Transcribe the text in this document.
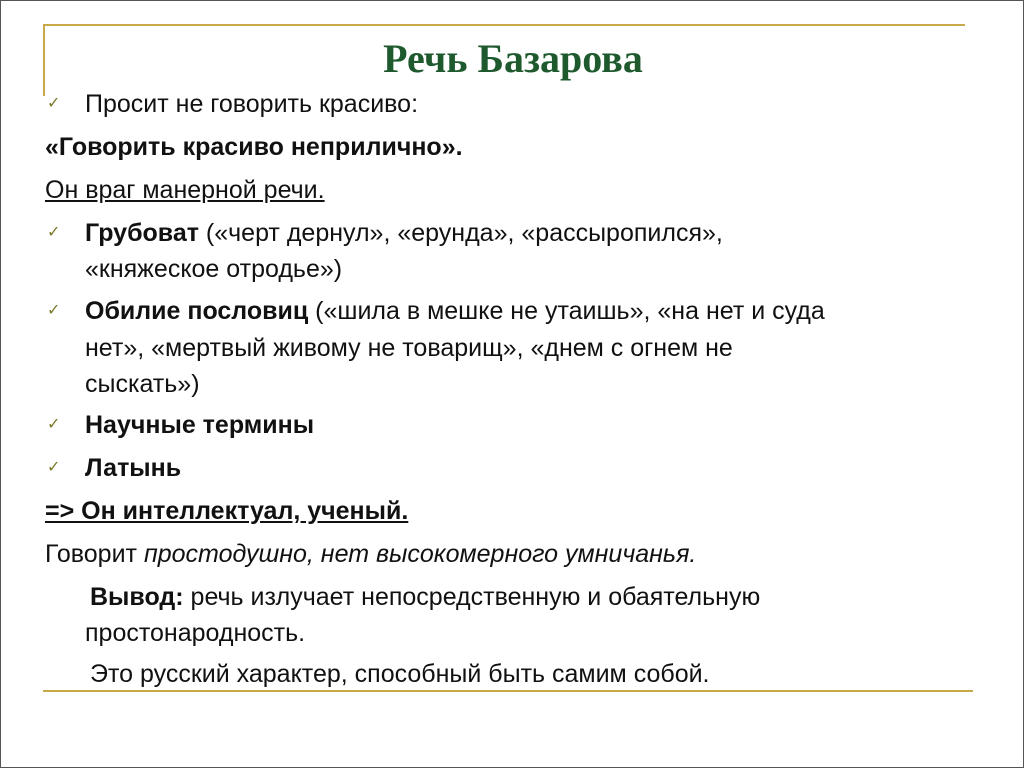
Речь Базарова
✓ Просит не говорить красиво:
«Говорить красиво неприлично».
Он враг манерной речи.
✓ Грубоват («черт дернул», «ерунда», «рассыропился»,
«княжеское отродье»)
✓ Обилие пословиц («шила в мешке не утаишь», «на нет и суда
нет», «мертвый живому не товарищ», «днем с огнем не
сыскать»)
✓ Научные термины
✓ Латынь
=> Он интеллектуал, ученый.
Говорит простодушно, нет высокомерного умничанья.
Вывод: речь излучает непосредственную и обаятельную
простонародность.
Это русский характер, способный быть самим собой.
